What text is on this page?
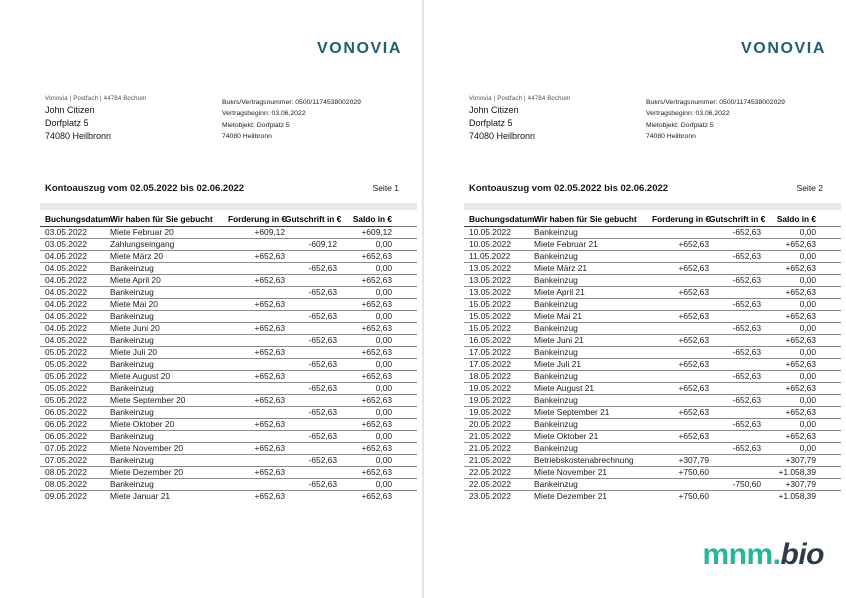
VONOVIA
Vonovia | Postfach | 44784 Bochum
John Citizen
Dorfplatz 5
74080 Heilbronn
Bukrs/Vertragsnummer: 0500/1174538002029
Vertragsbeginn: 03.06.2022
Mietobjekt: Dorfplatz 5
74080 Heilbronn
Kontoauszug vom 02.05.2022 bis 02.06.2022	Seite 1
Buchungsdatum	Wir haben für Sie gebucht	Forderung in €	Gutschrift in €	Saldo in €	
03.05.2022	Miete Februar 20	+609,12		+609,12	
03.05.2022	Zahlungseingang		-609,12	0,00	
04.05.2022	Miete März 20	+652,63		+652,63	
04.05.2022	Bankeinzug		-652,63	0,00	
04.05.2022	Miete April 20	+652,63		+652,63	
04.05.2022	Bankeinzug		-652,63	0,00	
04.05.2022	Miete Mai 20	+652,63		+652,63	
04.05.2022	Bankeinzug		-652,63	0,00	
04.05.2022	Miete Juni 20	+652,63		+652,63	
04.05.2022	Bankeinzug		-652,63	0,00	
05.05.2022	Miete Juli 20	+652,63		+652,63	
05.05.2022	Bankeinzug		-652,63	0,00	
05.05.2022	Miete August 20	+652,63		+652,63	
05.05.2022	Bankeinzug		-652,63	0,00	
05.05.2022	Miete September 20	+652,63		+652,63	
06.05.2022	Bankeinzug		-652,63	0,00	
06.05.2022	Miete Oktober 20	+652,63		+652,63	
06.05.2022	Bankeinzug		-652,63	0,00	
07.05.2022	Miete November 20	+652,63		+652,63	
07.05.2022	Bankeinzug		-652,63	0,00	
08.05.2022	Miete Dezember 20	+652,63		+652,63	
08.05.2022	Bankeinzug		-652,63	0,00	
09.05.2022	Miete Januar 21	+652,63		+652,63	
VONOVIA
Vonovia | Postfach | 44784 Bochum
John Citizen
Dorfplatz 5
74080 Heilbronn
Bukrs/Vertragsnummer: 0500/1174538002029
Vertragsbeginn: 03.06.2022
Mietobjekt: Dorfplatz 5
74080 Heilbronn
Kontoauszug vom 02.05.2022 bis 02.06.2022	Seite 2
Buchungsdatum	Wir haben für Sie gebucht	Forderung in €	Gutschrift in €	Saldo in €	
10.05.2022	Bankeinzug		-652,63	0,00	
10.05.2022	Miete Februar 21	+652,63		+652,63	
11.05.2022	Bankeinzug		-652,63	0,00	
13.05.2022	Miete März 21	+652,63		+652,63	
13.05.2022	Bankeinzug		-652,63	0,00	
13.05.2022	Miete April 21	+652,63		+652,63	
15.05.2022	Bankeinzug		-652,63	0,00	
15.05.2022	Miete Mai 21	+652,63		+652,63	
15.05.2022	Bankeinzug		-652,63	0,00	
16.05.2022	Miete Juni 21	+652,63		+652,63	
17.05.2022	Bankeinzug		-652,63	0,00	
17.05.2022	Miete Juli 21	+652,63		+652,63	
18.05.2022	Bankeinzug		-652,63	0,00	
19.05.2022	Miete August 21	+652,63		+652,63	
19.05.2022	Bankeinzug		-652,63	0,00	
19.05.2022	Miete September 21	+652,63		+652,63	
20.05.2022	Bankeinzug		-652,63	0,00	
21.05.2022	Miete Oktober 21	+652,63		+652,63	
21.05.2022	Bankeinzug		-652,63	0,00	
21.05.2022	Betriebskostenabrechnung	+307,79		+307,79	
22.05.2022	Miete November 21	+750,60		+1.058,39	
22.05.2022	Bankeinzug		-750,60	+307,79	
23.05.2022	Miete Dezember 21	+750,60		+1.058,39	
mnm.bio
